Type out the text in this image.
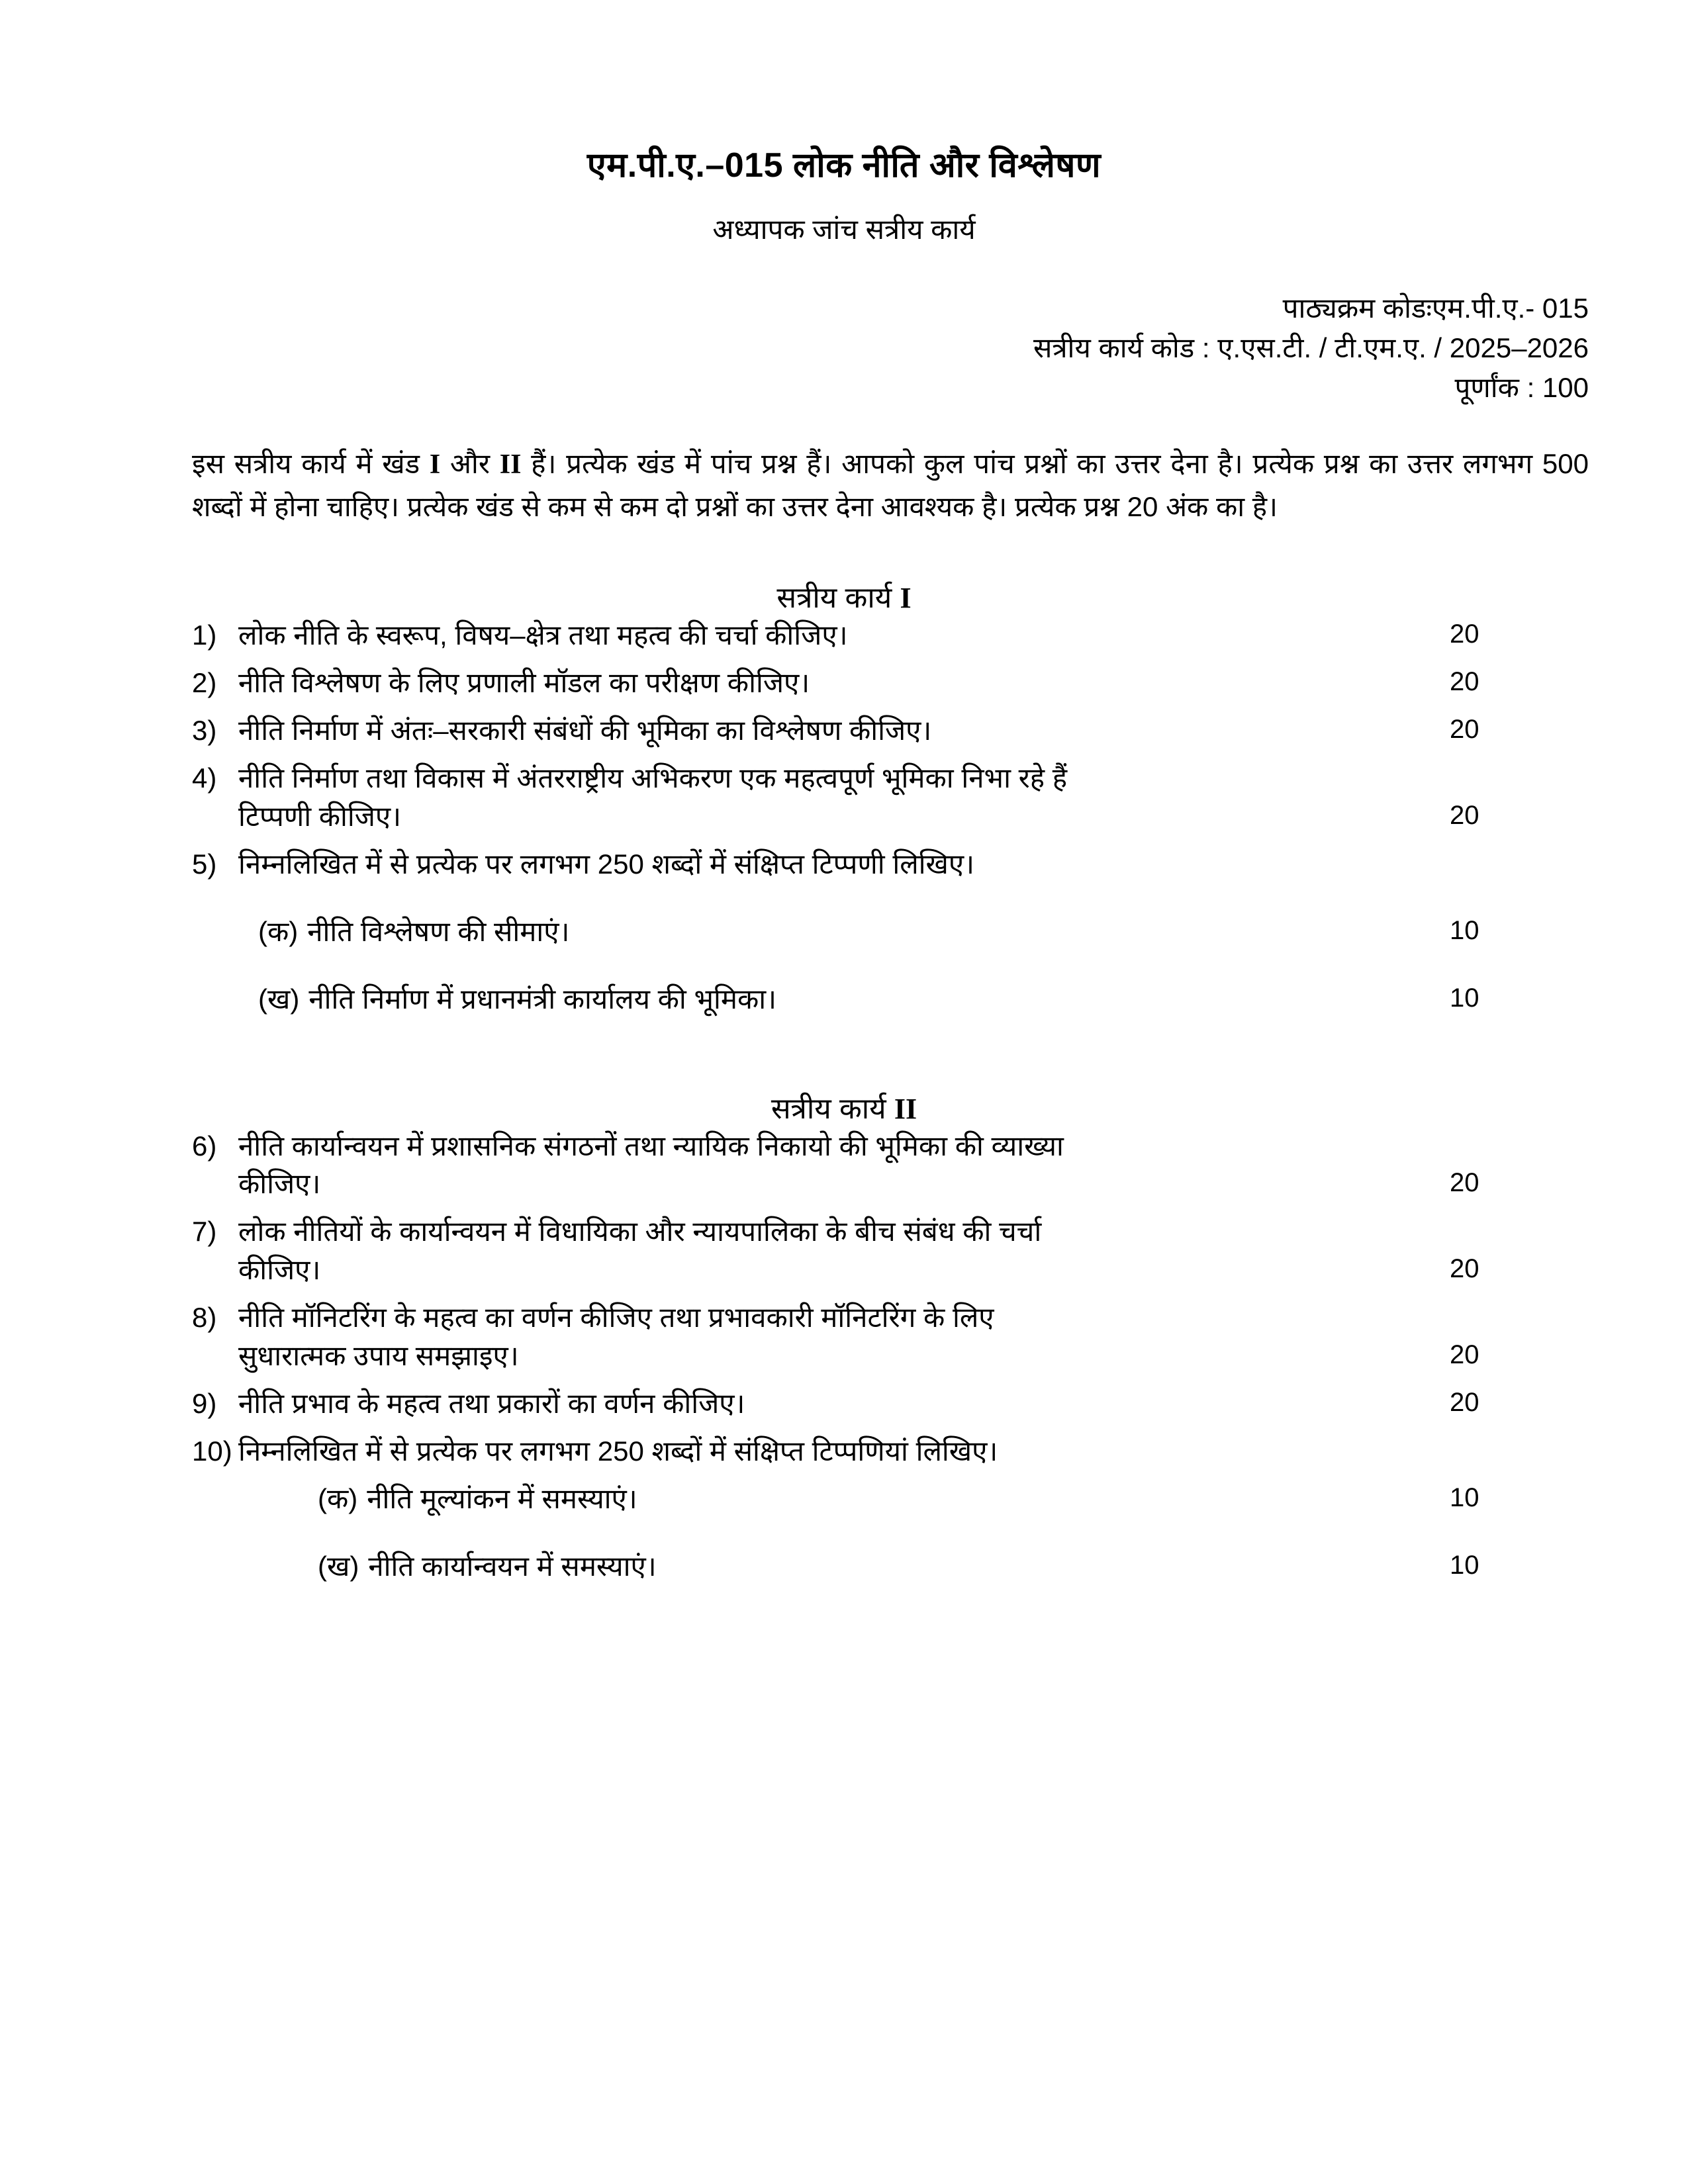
एम.पी.ए.–015 लोक नीति और विश्लेषण
अध्यापक जांच सत्रीय कार्य
पाठ्यक्रम कोडःएम.पी.ए.- 015
सत्रीय कार्य कोड : ए.एस.टी. / टी.एम.ए. / 2025–2026
पूर्णांक : 100

इस सत्रीय कार्य में खंड I और II हैं। प्रत्येक खंड में पांच प्रश्न हैं। आपको कुल पांच प्रश्नों का उत्तर देना है। प्रत्येक प्रश्न का उत्तर लगभग 500 शब्दों में होना चाहिए। प्रत्येक खंड से कम से कम दो प्रश्नों का उत्तर देना आवश्यक है। प्रत्येक प्रश्न 20 अंक का है।

सत्रीय कार्य I
1) लोक नीति के स्वरूप, विषय–क्षेत्र तथा महत्व की चर्चा कीजिए।	20
2) नीति विश्लेषण के लिए प्रणाली मॉडल का परीक्षण कीजिए।	20
3) नीति निर्माण में अंतः–सरकारी संबंधों की भूमिका का विश्लेषण कीजिए।	20
4) नीति निर्माण तथा विकास में अंतरराष्ट्रीय अभिकरण एक महत्वपूर्ण भूमिका निभा रहे हैं
टिप्पणी कीजिए।	20
5) निम्नलिखित में से प्रत्येक पर लगभग 250 शब्दों में संक्षिप्त टिप्पणी लिखिए।
(क) नीति विश्लेषण की सीमाएं।	10
(ख) नीति निर्माण में प्रधानमंत्री कार्यालय की भूमिका।	10
सत्रीय कार्य II
6) नीति कार्यान्वयन में प्रशासनिक संगठनों तथा न्यायिक निकायो की भूमिका की व्याख्या
कीजिए।	20
7) लोक नीतियों के कार्यान्वयन में विधायिका और न्यायपालिका के बीच संबंध की चर्चा
कीजिए।	20
8) नीति मॉनिटरिंग के महत्व का वर्णन कीजिए तथा प्रभावकारी मॉनिटरिंग के लिए
सुधारात्मक उपाय समझाइए।	20
9) नीति प्रभाव के महत्व तथा प्रकारों का वर्णन कीजिए।	20
10) निम्नलिखित में से प्रत्येक पर लगभग 250 शब्दों में संक्षिप्त टिप्पणियां लिखिए।
(क) नीति मूल्यांकन में समस्याएं।	10
(ख) नीति कार्यान्वयन में समस्याएं।	10
